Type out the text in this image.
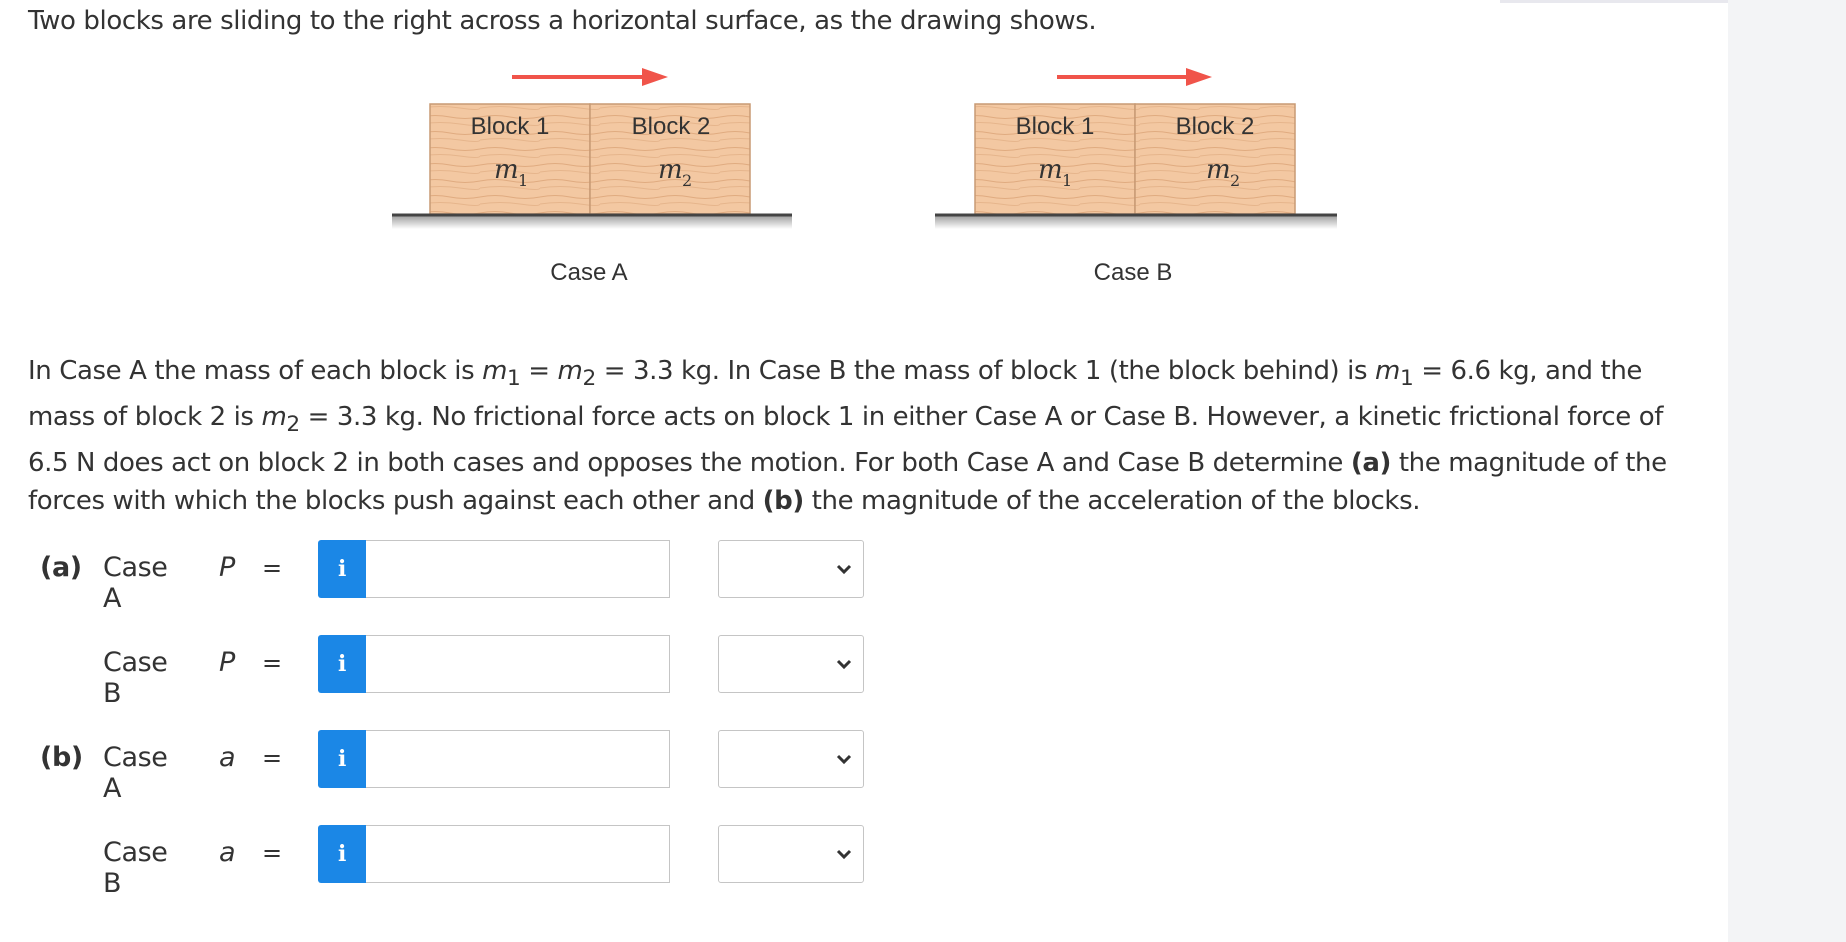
Two blocks are sliding to the right across a horizontal surface, as the drawing shows.
Block 1	Block 2
m 1	m 2
Case A
Block 1	Block 2
m 1	m 2
Case B
In Case A the mass of each block is $m_1 = m_2 = 3.3$ kg. In Case B the mass of block 1 (the block behind) is $m_1 = 6.6$ kg, and the mass of block 2 is $m_2 = 3.3$ kg. No frictional force acts on block 1 in either Case A or Case B. However, a kinetic frictional force of 6.5 N does act on block 2 in both cases and opposes the motion. For both Case A and Case B determine (a) the magnitude of the forces with which the blocks push against each other and (b) the magnitude of the acceleration of the blocks.
(a) Case A
P =	i
Case B
P =	i
(b) Case A
a =	i
Case B
a =	i
